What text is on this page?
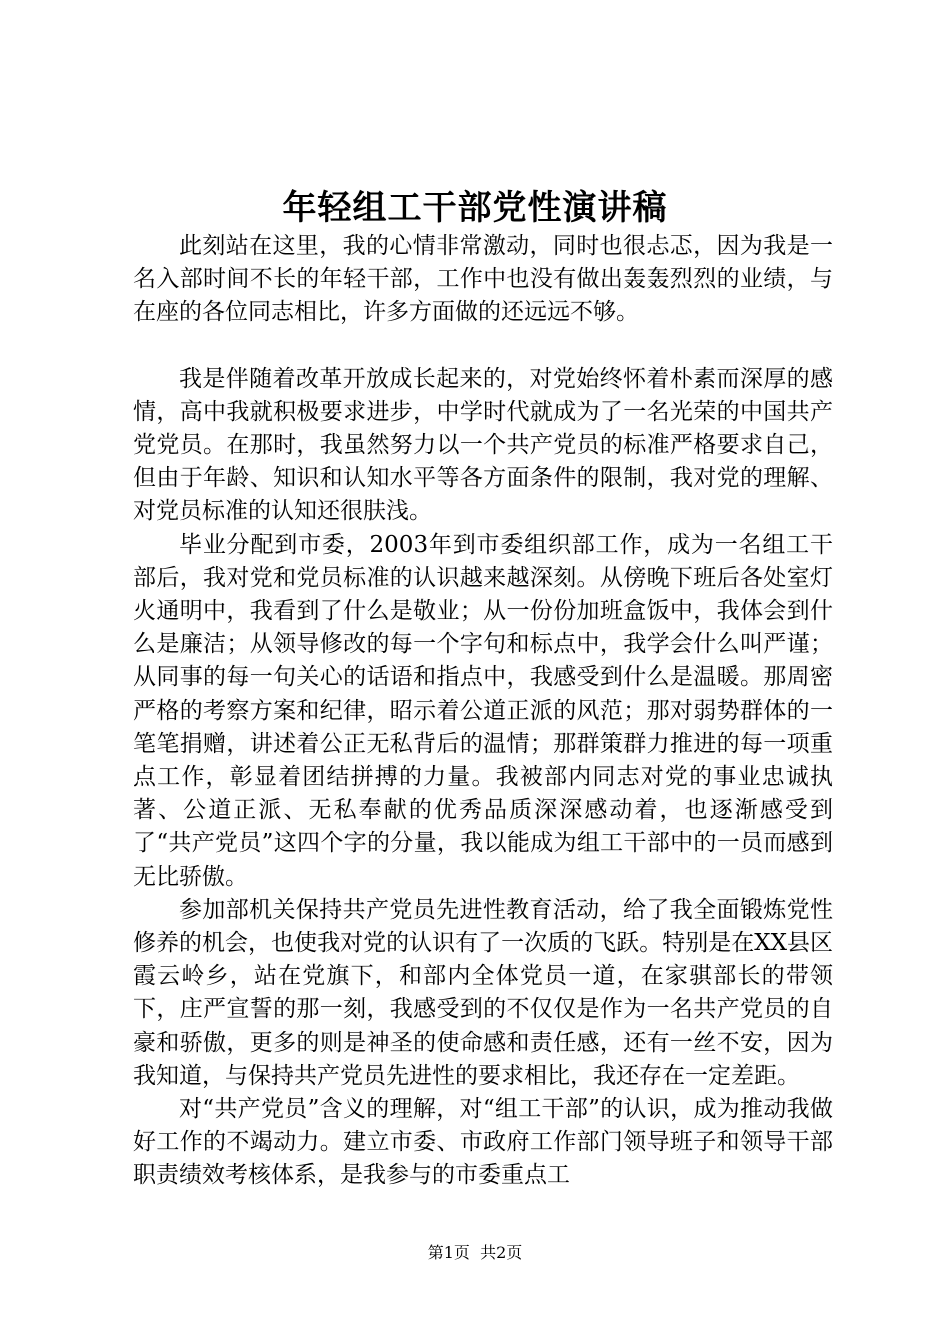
年轻组工干部党性演讲稿

此刻站在这里，我的心情非常激动，同时也很忐忑，因为我是一名入部时间不长的年轻干部，工作中也没有做出轰轰烈烈的业绩，与在座的各位同志相比，许多方面做的还远远不够。

我是伴随着改革开放成长起来的，对党始终怀着朴素而深厚的感情，高中我就积极要求进步，中学时代就成为了一名光荣的中国共产党党员。在那时，我虽然努力以一个共产党员的标准严格要求自己，但由于年龄、知识和认知水平等各方面条件的限制，我对党的理解、对党员标准的认知还很肤浅。

毕业分配到市委，2003年到市委组织部工作，成为一名组工干部后，我对党和党员标准的认识越来越深刻。从傍晚下班后各处室灯火通明中，我看到了什么是敬业；从一份份加班盒饭中，我体会到什么是廉洁；从领导修改的每一个字句和标点中，我学会什么叫严谨；从同事的每一句关心的话语和指点中，我感受到什么是温暖。那周密严格的考察方案和纪律，昭示着公道正派的风范；那对弱势群体的一笔笔捐赠，讲述着公正无私背后的温情；那群策群力推进的每一项重点工作，彰显着团结拼搏的力量。我被部内同志对党的事业忠诚执著、公道正派、无私奉献的优秀品质深深感动着，也逐渐感受到了“共产党员”这四个字的分量，我以能成为组工干部中的一员而感到无比骄傲。

参加部机关保持共产党员先进性教育活动，给了我全面锻炼党性修养的机会，也使我对党的认识有了一次质的飞跃。特别是在XX县区霞云岭乡，站在党旗下，和部内全体党员一道，在家骐部长的带领下，庄严宣誓的那一刻，我感受到的不仅仅是作为一名共产党员的自豪和骄傲，更多的则是神圣的使命感和责任感，还有一丝不安，因为我知道，与保持共产党员先进性的要求相比，我还存在一定差距。

对“共产党员”含义的理解，对“组工干部”的认识，成为推动我做好工作的不竭动力。建立市委、市政府工作部门领导班子和领导干部职责绩效考核体系，是我参与的市委重点工

第1页 共2页
